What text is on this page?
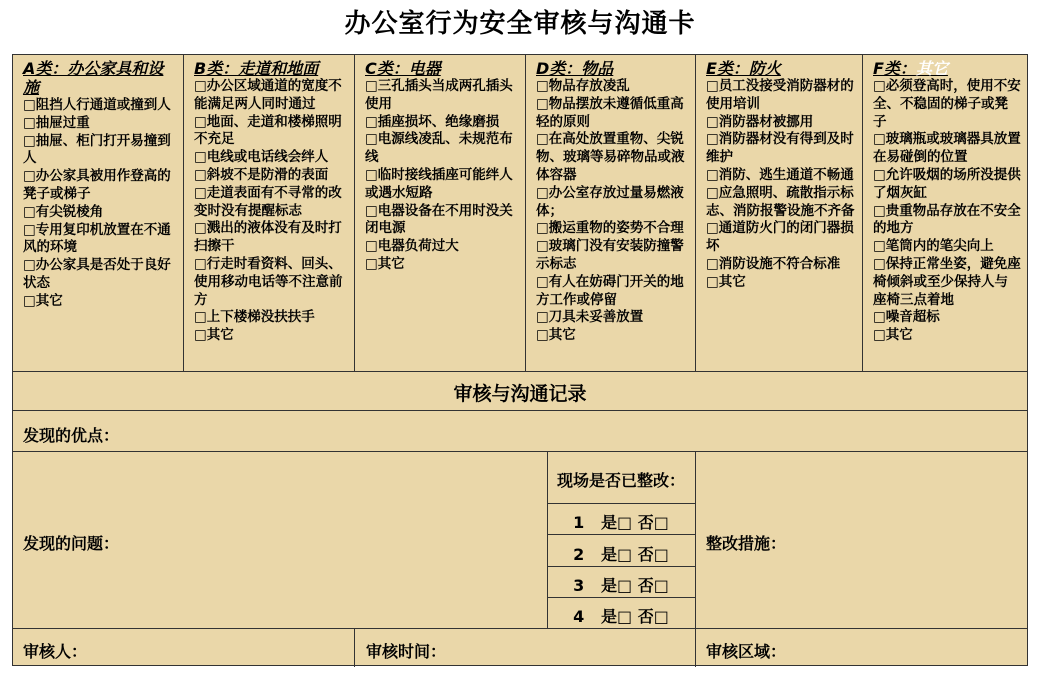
办公室行为安全审核与沟通卡
A类：办公家具和设施
□阻挡人行通道或撞到人
□抽屉过重
□抽屉、柜门打开易撞到人
□办公家具被用作登高的凳子或梯子
□有尖锐棱角
□专用复印机放置在不通风的环境
□办公家具是否处于良好状态
□其它
B类：走道和地面
□办公区域通道的宽度不能满足两人同时通过
□地面、走道和楼梯照明不充足
□电线或电话线会绊人
□斜坡不是防滑的表面
□走道表面有不寻常的改变时没有提醒标志
□溅出的液体没有及时打扫擦干
□行走时看资料、回头、使用移动电话等不注意前方
□上下楼梯没扶扶手
□其它
C类：电器
□三孔插头当成两孔插头使用
□插座损坏、绝缘磨损
□电源线凌乱、未规范布线
□临时接线插座可能绊人或遇水短路
□电器设备在不用时没关闭电源
□电器负荷过大
□其它
D类：物品
□物品存放凌乱
□物品摆放未遵循低重高轻的原则
□在高处放置重物、尖锐物、玻璃等易碎物品或液体容器
□办公室存放过量易燃液体；
□搬运重物的姿势不合理
□玻璃门没有安装防撞警示标志
□有人在妨碍门开关的地方工作或停留
□刀具未妥善放置
□其它
E类：防火
□员工没接受消防器材的使用培训
□消防器材被挪用
□消防器材没有得到及时维护
□消防、逃生通道不畅通
□应急照明、疏散指示标志、消防报警设施不齐备
□通道防火门的闭门器损坏
□消防设施不符合标准
□其它
F类：其它
□必须登高时，使用不安全、不稳固的梯子或凳子
□玻璃瓶或玻璃器具放置在易碰倒的位置
□允许吸烟的场所没提供了烟灰缸
□贵重物品存放在不安全的地方
□笔筒内的笔尖向上
□保持正常坐姿，避免座椅倾斜或至少保持人与座椅三点着地
□噪音超标
□其它
审核与沟通记录
发现的优点：
发现的问题：
现场是否已整改：
1 是□ 否□
2 是□ 否□
3 是□ 否□
4 是□ 否□
整改措施：
审核人：	审核时间：	审核区域：
